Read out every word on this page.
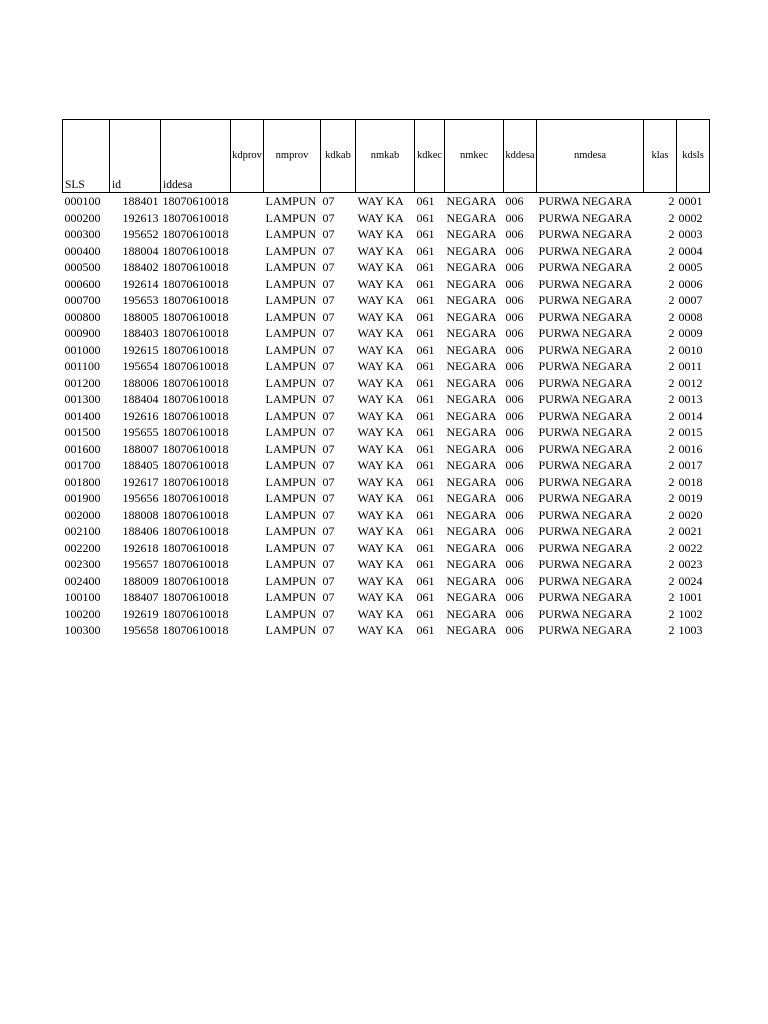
SLS	id	iddesa	kdprov	nmprov	kdkab	nmkab	kdkec	nmkec	kddesa	nmdesa	klas	kdsls
000100	188401	18070610018		LAMPUN	07	WAY KA	061	NEGARA	006	PURWA NEGARA	2	0001
000200	192613	18070610018		LAMPUN	07	WAY KA	061	NEGARA	006	PURWA NEGARA	2	0002
000300	195652	18070610018		LAMPUN	07	WAY KA	061	NEGARA	006	PURWA NEGARA	2	0003
000400	188004	18070610018		LAMPUN	07	WAY KA	061	NEGARA	006	PURWA NEGARA	2	0004
000500	188402	18070610018		LAMPUN	07	WAY KA	061	NEGARA	006	PURWA NEGARA	2	0005
000600	192614	18070610018		LAMPUN	07	WAY KA	061	NEGARA	006	PURWA NEGARA	2	0006
000700	195653	18070610018		LAMPUN	07	WAY KA	061	NEGARA	006	PURWA NEGARA	2	0007
000800	188005	18070610018		LAMPUN	07	WAY KA	061	NEGARA	006	PURWA NEGARA	2	0008
000900	188403	18070610018		LAMPUN	07	WAY KA	061	NEGARA	006	PURWA NEGARA	2	0009
001000	192615	18070610018		LAMPUN	07	WAY KA	061	NEGARA	006	PURWA NEGARA	2	0010
001100	195654	18070610018		LAMPUN	07	WAY KA	061	NEGARA	006	PURWA NEGARA	2	0011
001200	188006	18070610018		LAMPUN	07	WAY KA	061	NEGARA	006	PURWA NEGARA	2	0012
001300	188404	18070610018		LAMPUN	07	WAY KA	061	NEGARA	006	PURWA NEGARA	2	0013
001400	192616	18070610018		LAMPUN	07	WAY KA	061	NEGARA	006	PURWA NEGARA	2	0014
001500	195655	18070610018		LAMPUN	07	WAY KA	061	NEGARA	006	PURWA NEGARA	2	0015
001600	188007	18070610018		LAMPUN	07	WAY KA	061	NEGARA	006	PURWA NEGARA	2	0016
001700	188405	18070610018		LAMPUN	07	WAY KA	061	NEGARA	006	PURWA NEGARA	2	0017
001800	192617	18070610018		LAMPUN	07	WAY KA	061	NEGARA	006	PURWA NEGARA	2	0018
001900	195656	18070610018		LAMPUN	07	WAY KA	061	NEGARA	006	PURWA NEGARA	2	0019
002000	188008	18070610018		LAMPUN	07	WAY KA	061	NEGARA	006	PURWA NEGARA	2	0020
002100	188406	18070610018		LAMPUN	07	WAY KA	061	NEGARA	006	PURWA NEGARA	2	0021
002200	192618	18070610018		LAMPUN	07	WAY KA	061	NEGARA	006	PURWA NEGARA	2	0022
002300	195657	18070610018		LAMPUN	07	WAY KA	061	NEGARA	006	PURWA NEGARA	2	0023
002400	188009	18070610018		LAMPUN	07	WAY KA	061	NEGARA	006	PURWA NEGARA	2	0024
100100	188407	18070610018		LAMPUN	07	WAY KA	061	NEGARA	006	PURWA NEGARA	2	1001
100200	192619	18070610018		LAMPUN	07	WAY KA	061	NEGARA	006	PURWA NEGARA	2	1002
100300	195658	18070610018		LAMPUN	07	WAY KA	061	NEGARA	006	PURWA NEGARA	2	1003
